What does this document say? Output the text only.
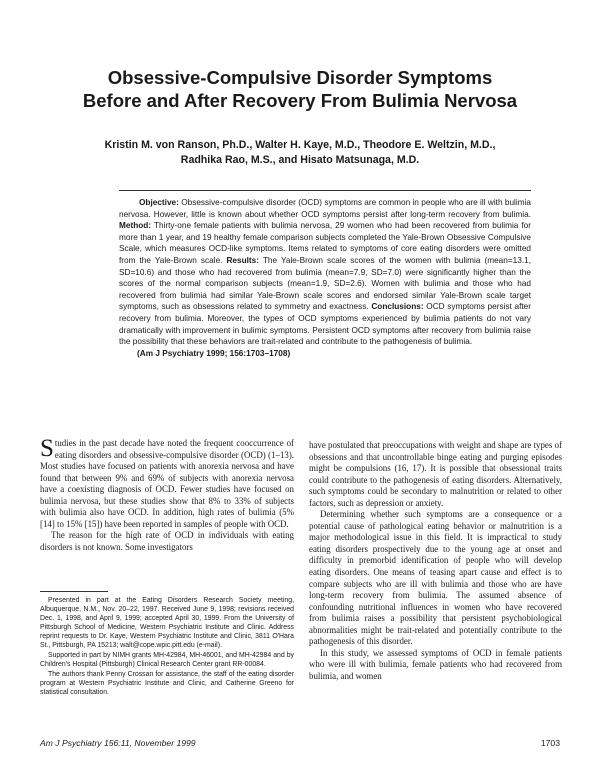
Obsessive-Compulsive Disorder Symptoms
Before and After Recovery From Bulimia Nervosa
Kristin M. von Ranson, Ph.D., Walter H. Kaye, M.D., Theodore E. Weltzin, M.D.,
Radhika Rao, M.S., and Hisato Matsunaga, M.D.

Objective: Obsessive-compulsive disorder (OCD) symptoms are common in people who are ill with bulimia nervosa. However, little is known about whether OCD symptoms persist after long-term recovery from bulimia. Method: Thirty-one female patients with bulimia nervosa, 29 women who had been recovered from bulimia for more than 1 year, and 19 healthy female comparison subjects completed the Yale-Brown Obsessive Compulsive Scale, which measures OCD-like symptoms. Items related to symptoms of core eating disorders were omitted from the Yale-Brown scale. Results: The Yale-Brown scale scores of the women with bulimia (mean=13.1, SD=10.6) and those who had recovered from bulimia (mean=7.9, SD=7.0) were significantly higher than the scores of the normal comparison subjects (mean=1.9, SD=2.6). Women with bulimia and those who had recovered from bulimia had similar Yale-Brown scale scores and endorsed similar Yale-Brown scale target symptoms, such as obsessions related to symmetry and exactness. Conclusions: OCD symptoms persist after recovery from bulimia. Moreover, the types of OCD symptoms experienced by bulimia patients do not vary dramatically with improvement in bulimic symptoms. Persistent OCD symptoms after recovery from bulimia raise the possibility that these behaviors are trait-related and contribute to the pathogenesis of bulimia.

(Am J Psychiatry 1999; 156:1703–1708)

Studies in the past decade have noted the frequent cooccurrence of eating disorders and obsessive-compulsive disorder (OCD) (1–13). Most studies have focused on patients with anorexia nervosa and have found that between 9% and 69% of subjects with anorexia nervosa have a coexisting diagnosis of OCD. Fewer studies have focused on bulimia nervosa, but these studies show that 8% to 33% of subjects with bulimia also have OCD. In addition, high rates of bulimia (5% [14] to 15% [15]) have been reported in samples of people with OCD.

The reason for the high rate of OCD in individuals with eating disorders is not known. Some investigators

Presented in part at the Eating Disorders Research Society meeting, Albuquerque, N.M., Nov. 20–22, 1997. Received June 9, 1998; revisions received Dec. 1, 1998, and April 9, 1999; accepted April 30, 1999. From the University of Pittsburgh School of Medicine, Western Psychiatric Institute and Clinic. Address reprint requests to Dr. Kaye, Western Psychiatric Institute and Clinic, 3811 O'Hara St., Pittsburgh, PA 15213; walt@cope.wpic.pitt.edu (e-mail).

Supported in part by NIMH grants MH-42984, MH-46001, and MH-42984 and by Children's Hospital (Pittsburgh) Clinical Research Center grant RR-00084.

The authors thank Penny Crossan for assistance, the staff of the eating disorder program at Western Psychiatric Institute and Clinic, and Catherine Greeno for statistical consultation.

have postulated that preoccupations with weight and shape are types of obsessions and that uncontrollable binge eating and purging episodes might be compulsions (16, 17). It is possible that obsessional traits could contribute to the pathogenesis of eating disorders. Alternatively, such symptoms could be secondary to malnutrition or related to other factors, such as depression or anxiety.

Determining whether such symptoms are a consequence or a potential cause of pathological eating behavior or malnutrition is a major methodological issue in this field. It is impractical to study eating disorders prospectively due to the young age at onset and difficulty in premorbid identification of people who will develop eating disorders. One means of teasing apart cause and effect is to compare subjects who are ill with bulimia and those who are have long-term recovery from bulimia. The assumed absence of confounding nutritional influences in women who have recovered from bulimia raises a possibility that persistent psychobiological abnormalities might be trait-related and potentially contribute to the pathogenesis of this disorder.

In this study, we assessed symptoms of OCD in female patients who were ill with bulimia, female patients who had recovered from bulimia, and women

Am J Psychiatry 156:11, November 1999	1703
